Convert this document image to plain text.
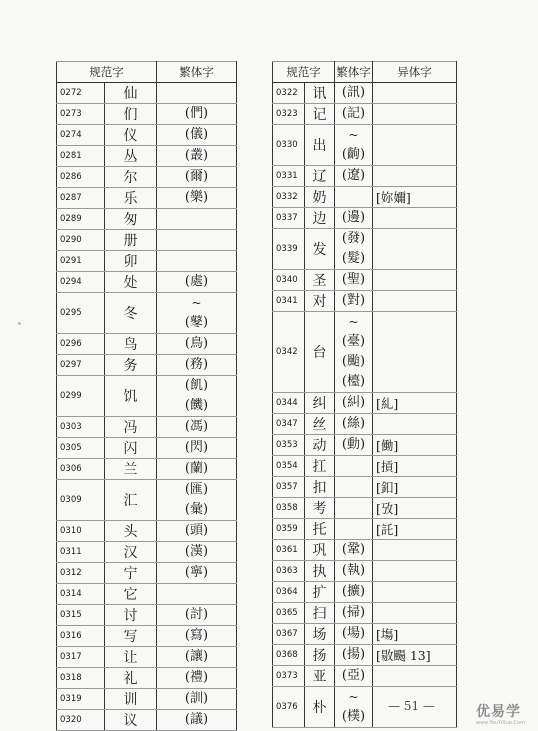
规范字		繁体字	
0272	仙		
0273	们	(們)	

0274	仪	(儀)	

0281	丛	(叢)	

0286	尔	(爾)

0287	乐	(樂)	

0289	匆		
0290	册		
0291	卯		
0294	处	(處)	

0295	冬	~
(鼕)	

0296	鸟	(鳥)	

0297	务	(務)	

0299	饥	(飢)
(饑)	

0303	冯	(馮)	

0305	闪	(閃)	

0306	兰	(蘭)	

0309	汇	(匯)
(彙)

0310	头	(頭)	

0311	汉	(漢)	

0312	宁	(寧)

0314	它		
0315	讨	(討)	

0316	写	(寫)	

0317	让	(讓)	

0318	礼	(禮)	

0319	训	(訓)	

0320	议	(議)	

规范字		繁体字	异体字
0322	讯	(訊)	

0323	记	(記)	

0330	出	~
(齣)	

0331	辽	(遼)	

0332	奶		[妳嬭]
0337	边	(邊)	

0339	发	(發)
(髮)	

0340	圣	(聖)	

0341	对	(對)	

0342	台	~
(臺)
(颱)
(檯)	

0344	纠	(糾)	[糺]
0347	丝	(絲)	

0353	动	(動)	[働]
0354	扛		[摃]
0357	扣		[釦]
0358	考		[攷]
0359	托		[託]
0361	巩	(鞏)	

0363	执	(執)	

0364	扩	(擴)	

0365	扫	(掃)	

0367	场	(場)	[塲]
0368	扬	(揚)	[敭颺 13]
0373	亚	(亞)	

0376	朴	~
(樸)	

— 51 —	优易学
www.YouYiXue.Com
